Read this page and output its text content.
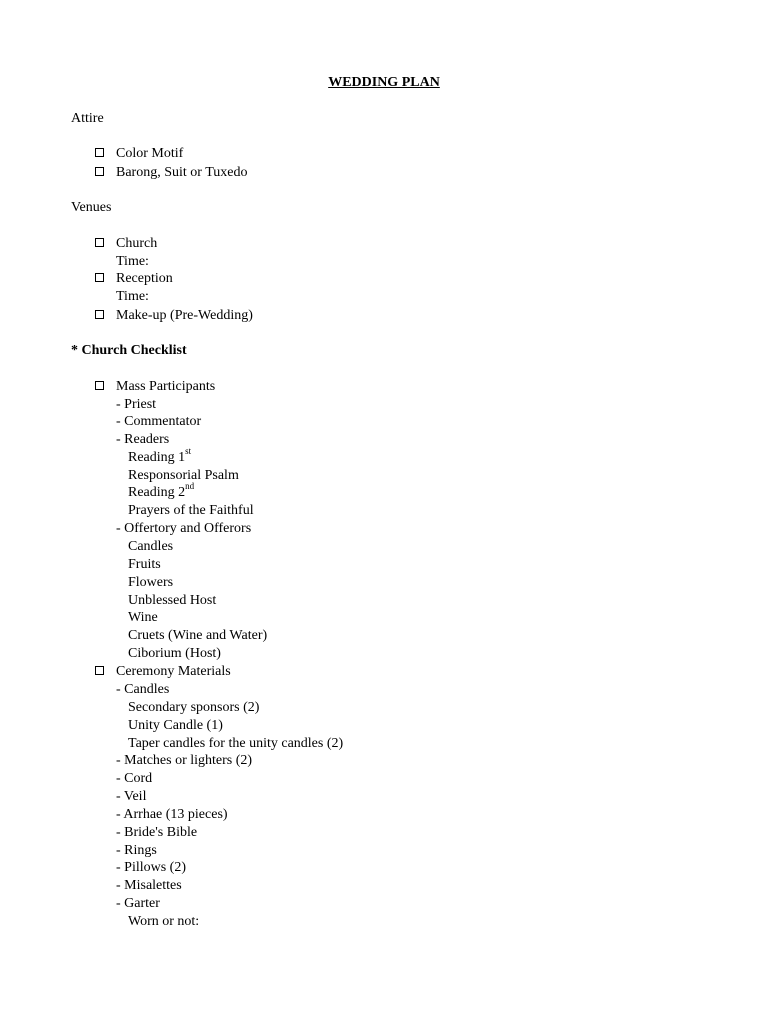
WEDDING PLAN
Attire
Color Motif
Barong, Suit or Tuxedo
Venues
Church
Time:
Reception
Time:
Make-up (Pre-Wedding)
* Church Checklist
Mass Participants
- Priest
- Commentator
- Readers
Reading 1st
Responsorial Psalm
Reading 2nd
Prayers of the Faithful
- Offertory and Offerors
Candles
Fruits
Flowers
Unblessed Host
Wine
Cruets (Wine and Water)
Ciborium (Host)
Ceremony Materials
- Candles
Secondary sponsors (2)
Unity Candle (1)
Taper candles for the unity candles (2)
- Matches or lighters (2)
- Cord
- Veil
- Arrhae (13 pieces)
- Bride's Bible
- Rings
- Pillows (2)
- Misalettes
- Garter
Worn or not:
